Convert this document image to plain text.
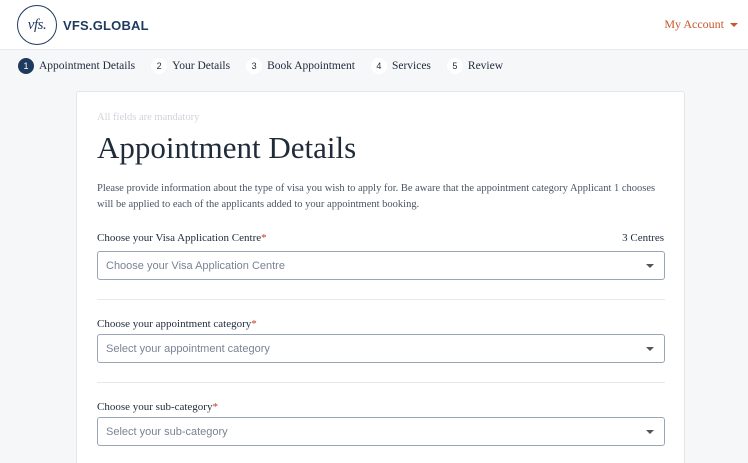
vfs. VFS.GLOBAL	My Account
1 Appointment Details	2 Your Details	3 Book Appointment	4 Services	5 Review
All fields are mandatory
Appointment Details

Please provide information about the type of visa you wish to apply for. Be aware that the appointment category Applicant 1 chooses will be applied to each of the applicants added to your appointment booking.

Choose your Visa Application Centre*	3 Centres
Choose your Visa Application Centre
Choose your appointment category*
Select your appointment category
Choose your sub-category*
Select your sub-category
